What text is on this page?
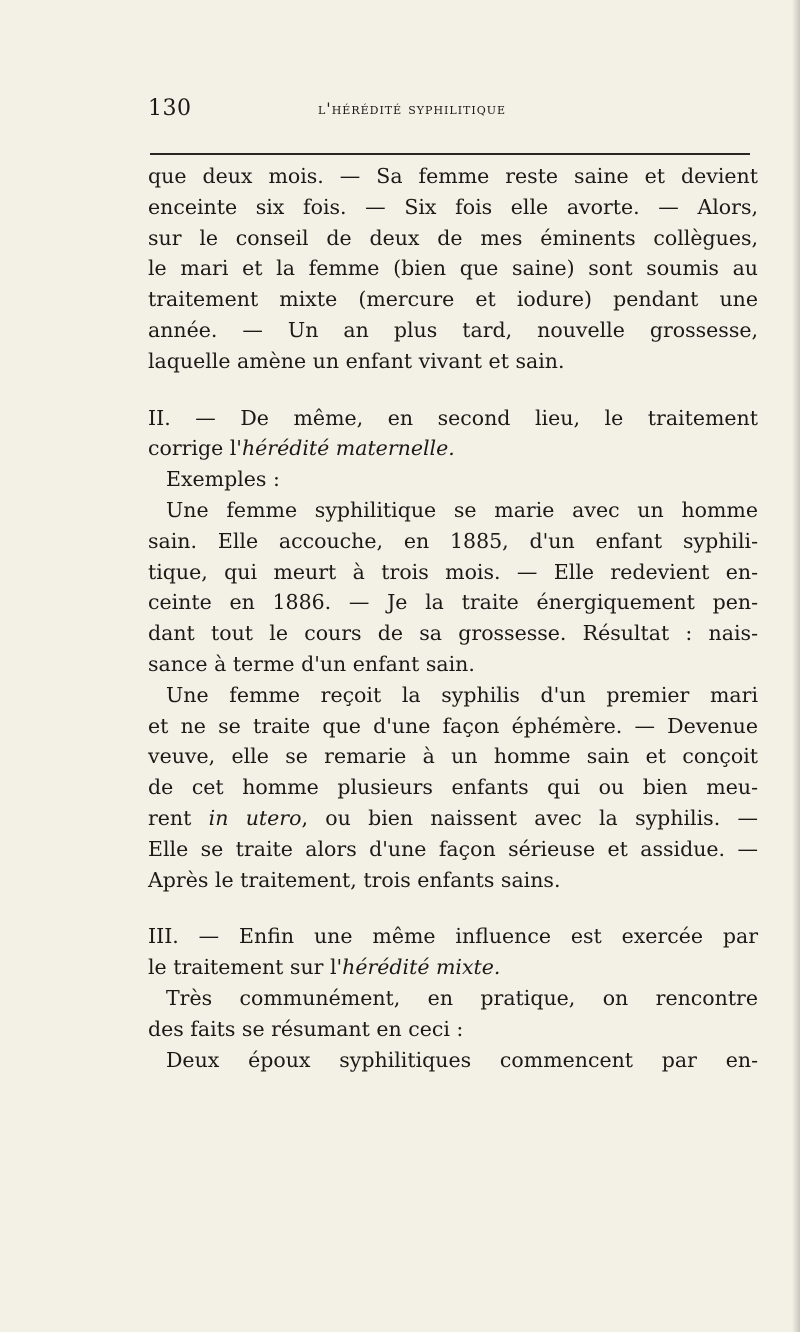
130	l'hérédité syphilitique
que deux mois. — Sa femme reste saine et devient
enceinte six fois. — Six fois elle avorte. — Alors,
sur le conseil de deux de mes éminents collègues,
le mari et la femme (bien que saine) sont soumis au
traitement mixte (mercure et iodure) pendant une
année. — Un an plus tard, nouvelle grossesse,
laquelle amène un enfant vivant et sain.
II. — De même, en second lieu, le traitement
corrige l'hérédité maternelle.
Exemples :
Une femme syphilitique se marie avec un homme
sain. Elle accouche, en 1885, d'un enfant syphili-
tique, qui meurt à trois mois. — Elle redevient en-
ceinte en 1886. — Je la traite énergiquement pen-
dant tout le cours de sa grossesse. Résultat : nais-
sance à terme d'un enfant sain.
Une femme reçoit la syphilis d'un premier mari
et ne se traite que d'une façon éphémère. — Devenue
veuve, elle se remarie à un homme sain et conçoit
de cet homme plusieurs enfants qui ou bien meu-
rent in utero, ou bien naissent avec la syphilis. —
Elle se traite alors d'une façon sérieuse et assidue. —
Après le traitement, trois enfants sains.
III. — Enfin une même influence est exercée par
le traitement sur l'hérédité mixte.
Très communément, en pratique, on rencontre
des faits se résumant en ceci :
Deux époux syphilitiques commencent par en-
